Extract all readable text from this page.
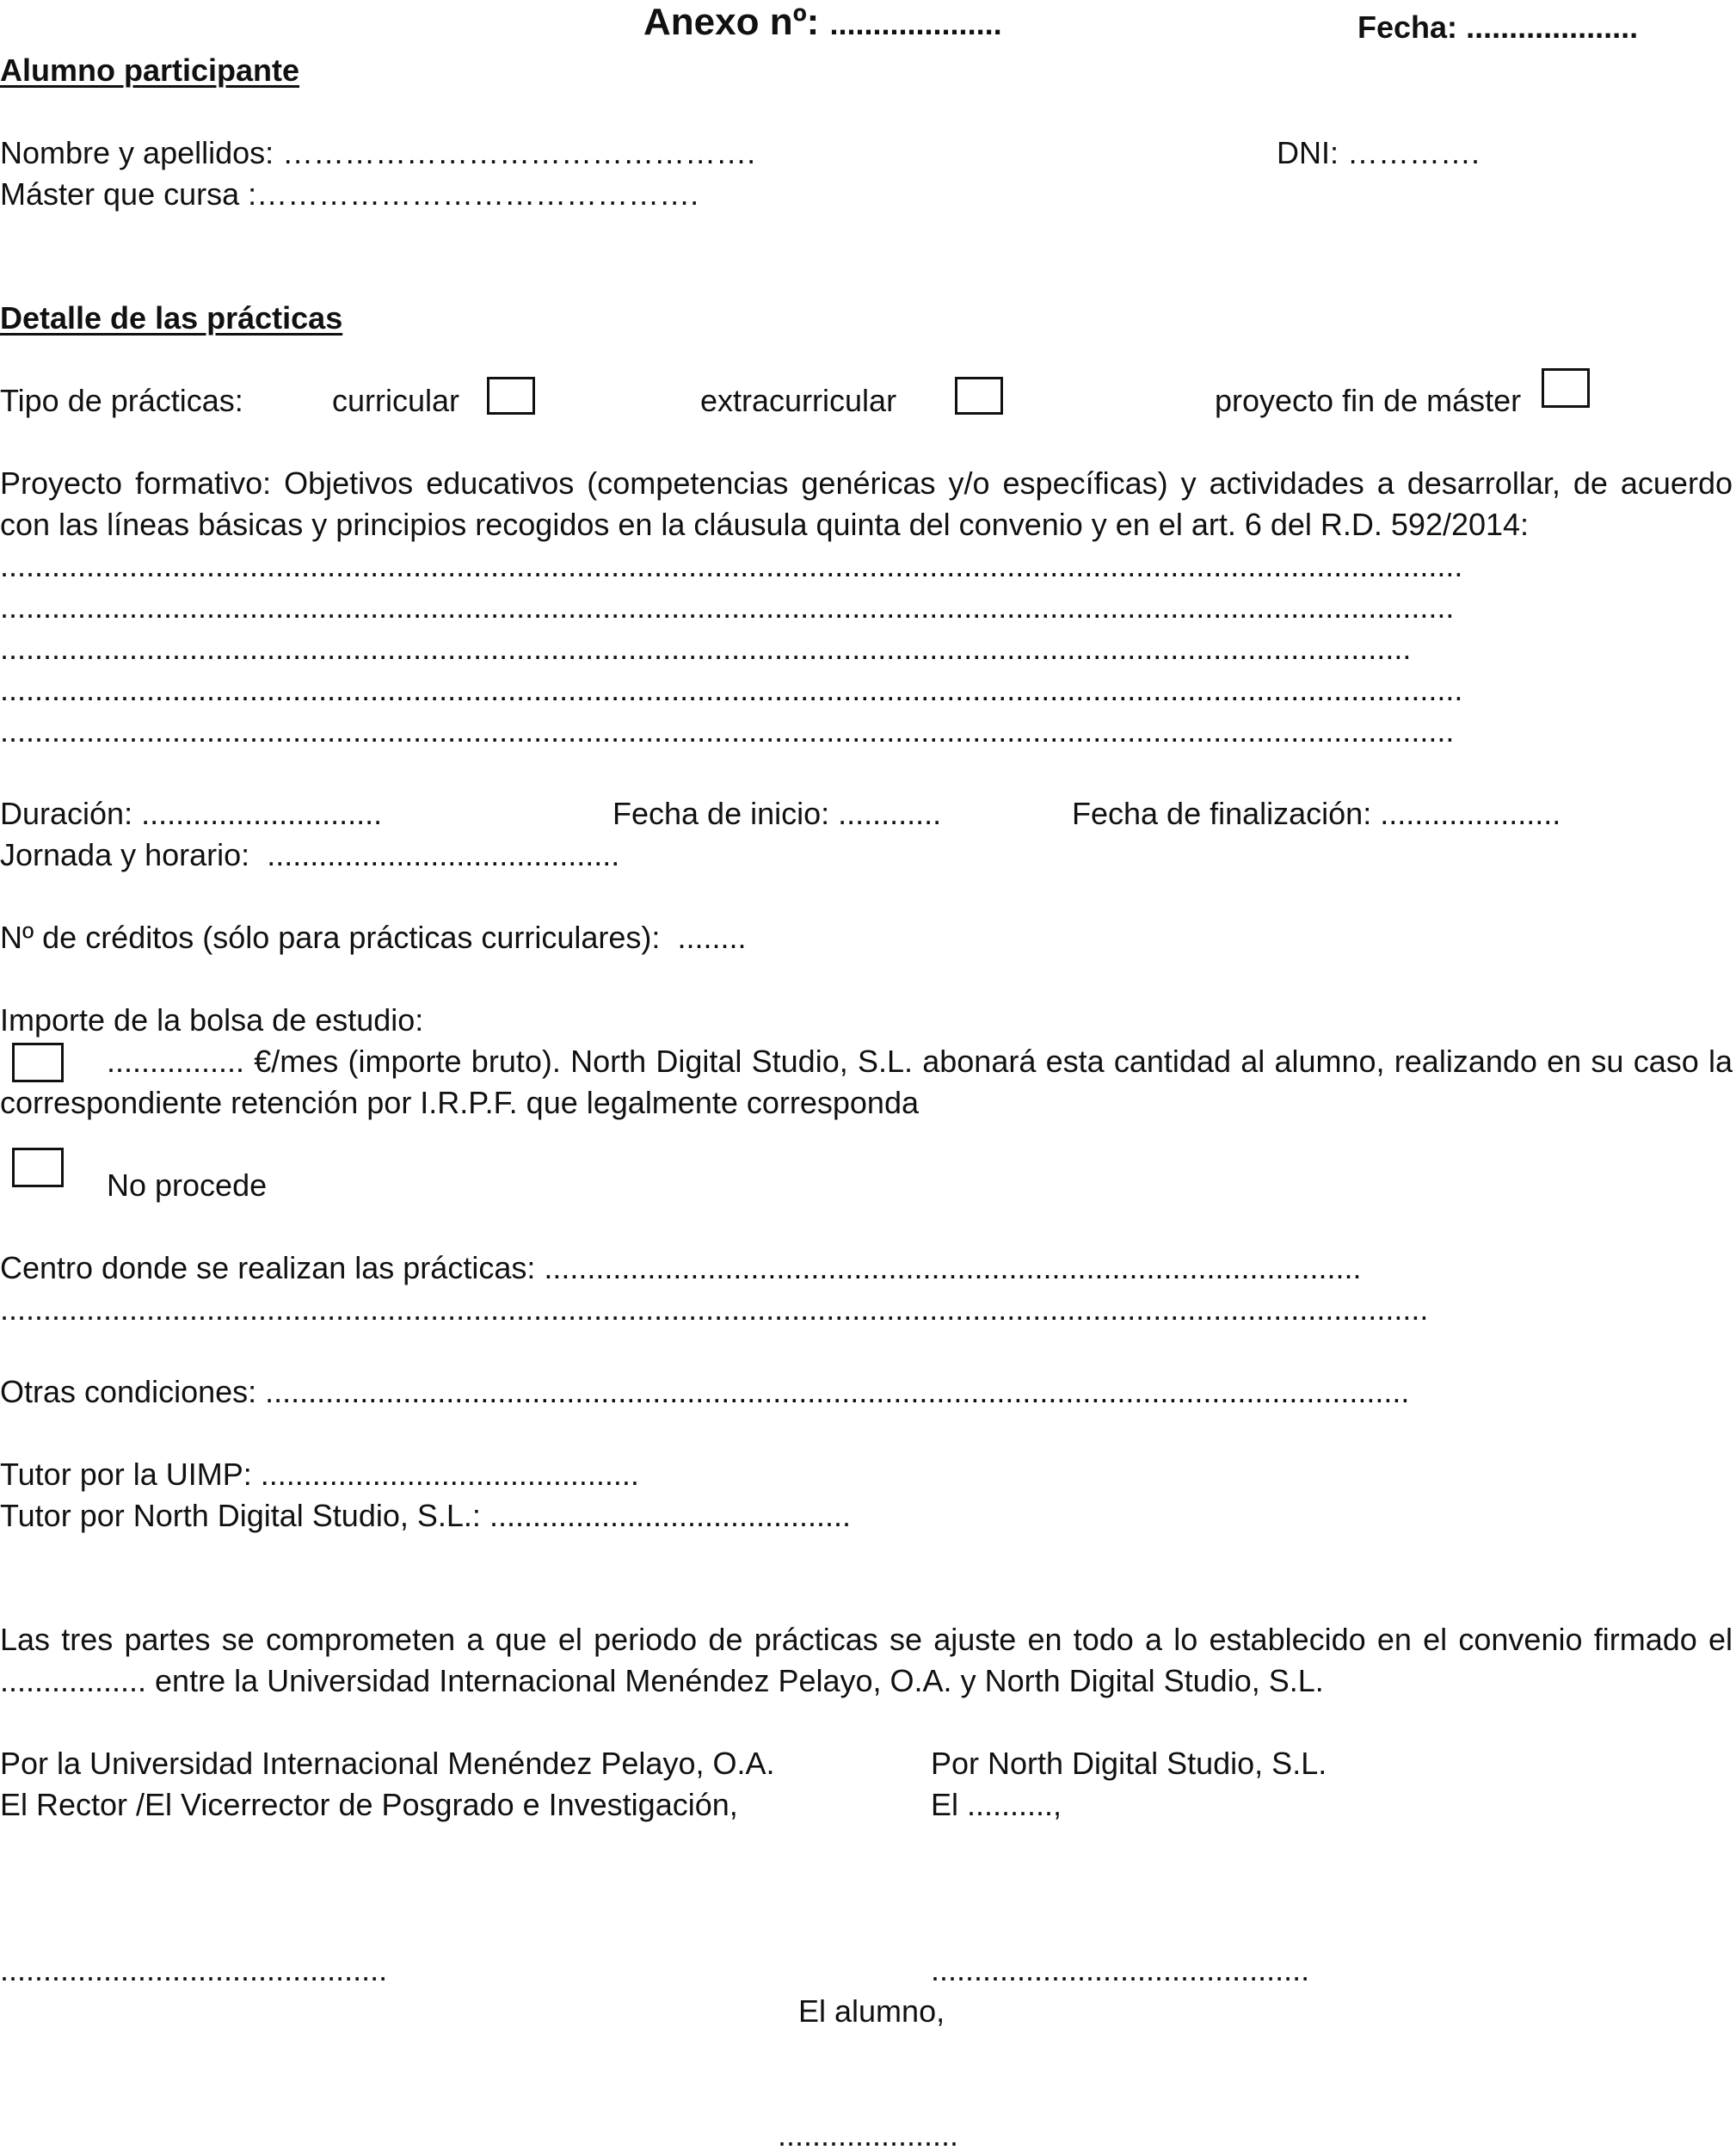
Anexo nº: ....................	Fecha: ....................
Alumno participante
Nombre y apellidos: ……………………………………….	DNI: ………….
Máster que cursa :…………………………………….
Detalle de las prácticas
Tipo de prácticas:	curricular	extracurricular	proyecto fin de máster
Proyecto formativo: Objetivos educativos (competencias genéricas y/o específicas) y actividades a desarrollar, de acuerdo con las líneas básicas y principios recogidos en la cláusula quinta del convenio y en el art. 6 del R.D. 592/2014:
..........................................................................................................................................................................
.........................................................................................................................................................................
....................................................................................................................................................................
..........................................................................................................................................................................
.........................................................................................................................................................................
Duración: ............................	Fecha de inicio: ............	Fecha de finalización: .....................
Jornada y horario: .........................................
Nº de créditos (sólo para prácticas curriculares): ........
Importe de la bolsa de estudio:
................ €/mes (importe bruto). North Digital Studio, S.L. abonará esta cantidad al alumno, realizando en su caso la correspondiente retención por I.R.P.F. que legalmente corresponda
No procede
Centro donde se realizan las prácticas: ...............................................................................................
......................................................................................................................................................................
Otras condiciones: .....................................................................................................................................
Tutor por la UIMP: ............................................
Tutor por North Digital Studio, S.L.: ..........................................
Las tres partes se comprometen a que el periodo de prácticas se ajuste en todo a lo establecido en el convenio firmado el ................. entre la Universidad Internacional Menéndez Pelayo, O.A. y North Digital Studio, S.L.
Por la Universidad Internacional Menéndez Pelayo, O.A.
El Rector /El Vicerrector de Posgrado e Investigación,
Por North Digital Studio, S.L.
El ..........,
.............................................	............................................
El alumno,
.....................
